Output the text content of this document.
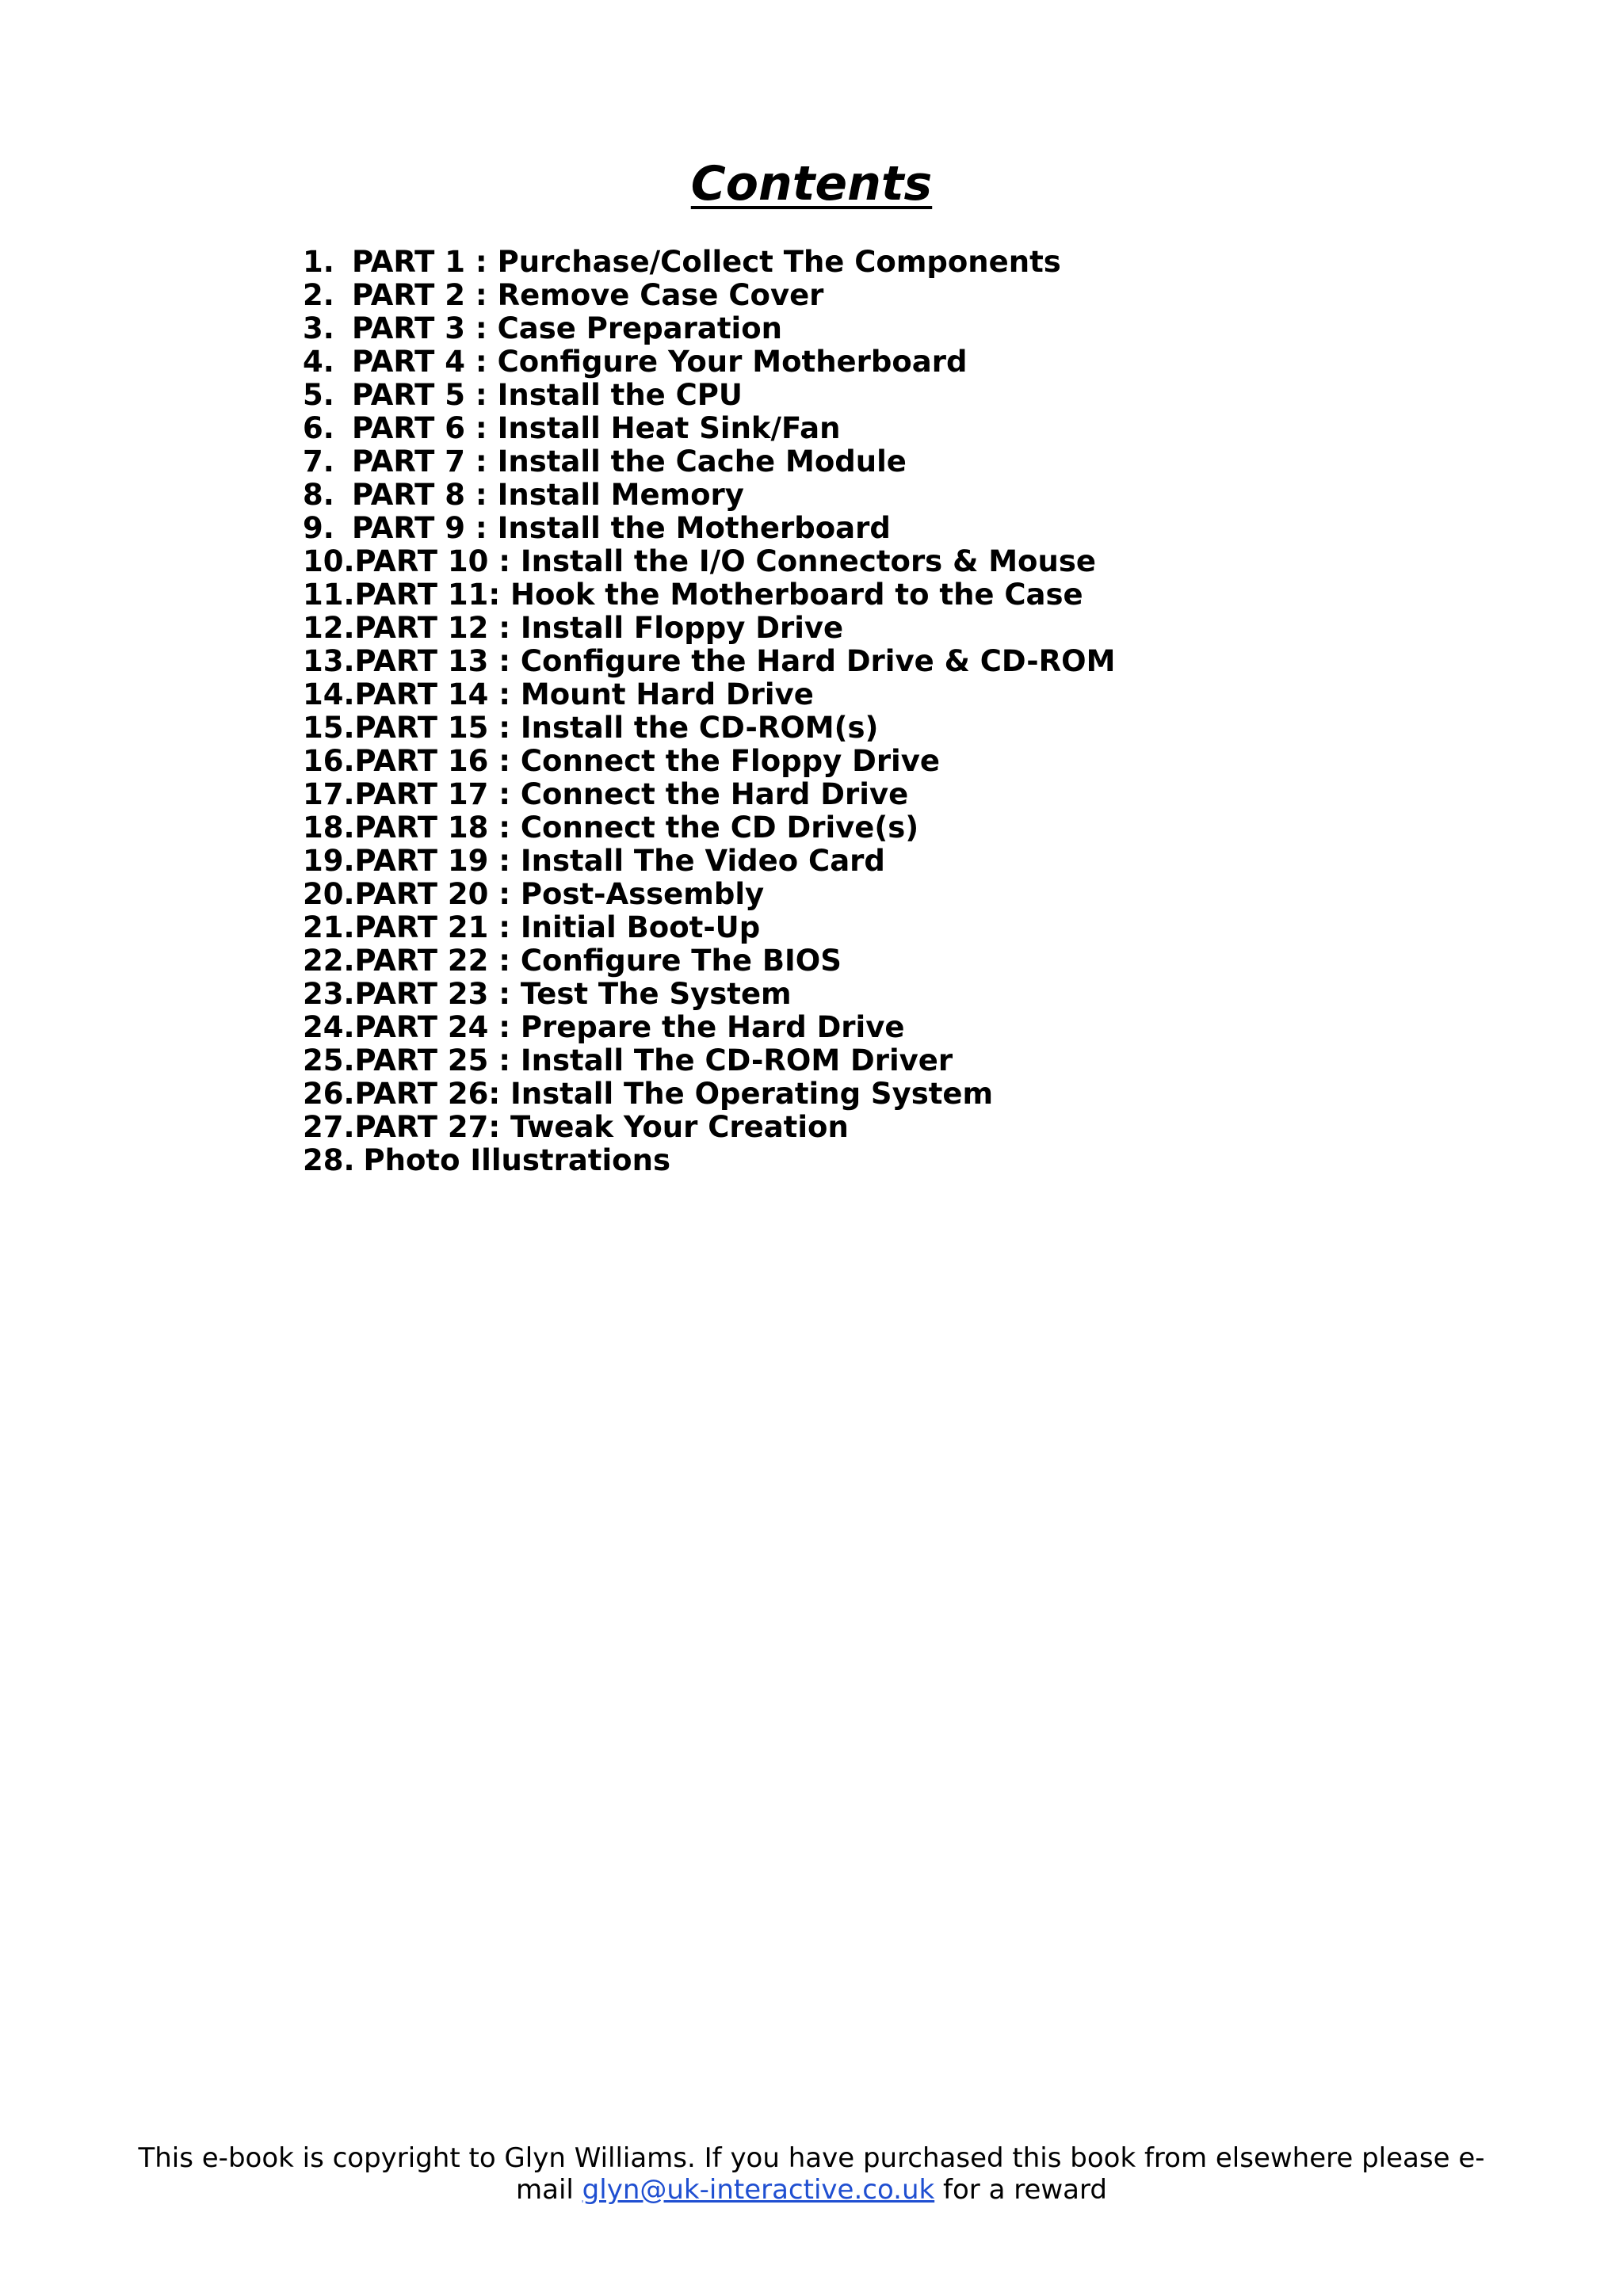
Contents
1. PART 1 : Purchase/Collect The Components
2. PART 2 : Remove Case Cover
3. PART 3 : Case Preparation
4. PART 4 : Configure Your Motherboard
5. PART 5 : Install the CPU
6. PART 6 : Install Heat Sink/Fan
7. PART 7 : Install the Cache Module
8. PART 8 : Install Memory
9. PART 9 : Install the Motherboard
10. PART 10 : Install the I/O Connectors & Mouse
11. PART 11: Hook the Motherboard to the Case
12. PART 12 : Install Floppy Drive
13. PART 13 : Configure the Hard Drive & CD-ROM
14. PART 14 : Mount Hard Drive
15. PART 15 : Install the CD-ROM(s)
16. PART 16 : Connect the Floppy Drive
17. PART 17 : Connect the Hard Drive
18. PART 18 : Connect the CD Drive(s)
19. PART 19 : Install The Video Card
20. PART 20 : Post-Assembly
21. PART 21 : Initial Boot-Up
22. PART 22 : Configure The BIOS
23. PART 23 : Test The System
24. PART 24 : Prepare the Hard Drive
25. PART 25 : Install The CD-ROM Driver
26. PART 26: Install The Operating System
27. PART 27: Tweak Your Creation
28. Photo Illustrations
This e-book is copyright to Glyn Williams. If you have purchased this book from elsewhere please e-
mail glyn@uk-interactive.co.uk for a reward
